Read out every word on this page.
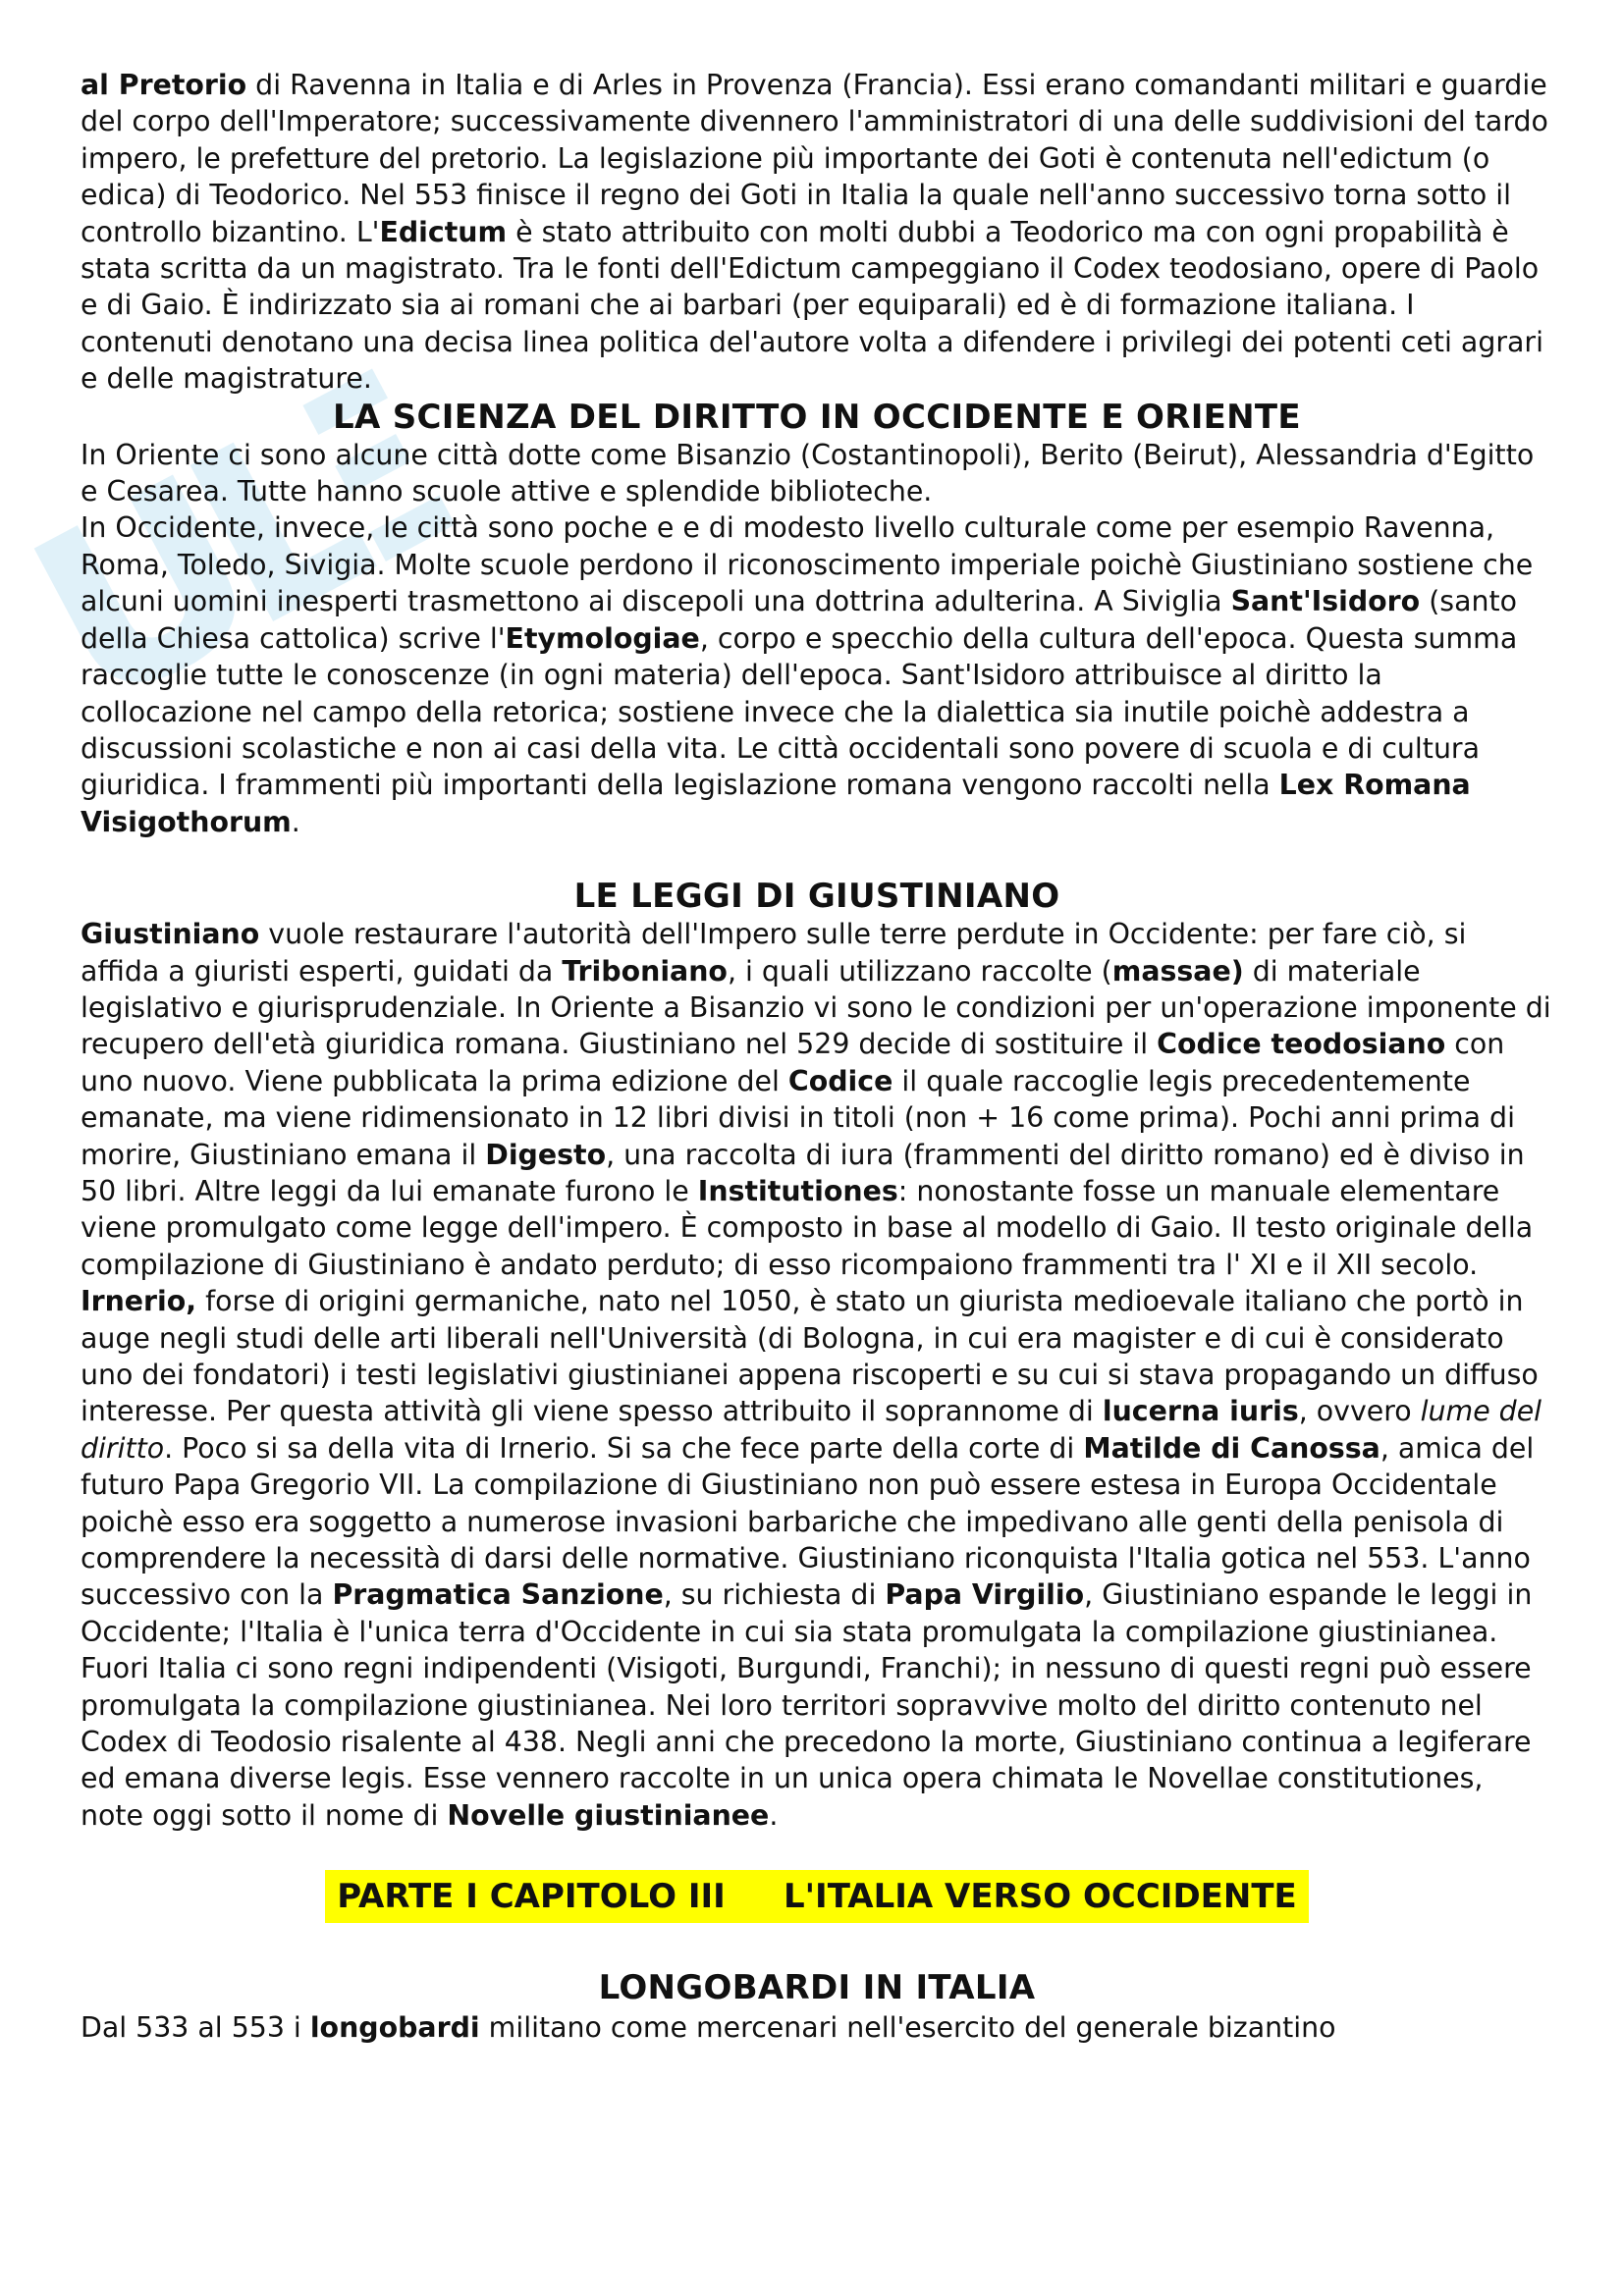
al Pretorio di Ravenna in Italia e di Arles in Provenza (Francia). Essi erano comandanti militari e guardie del corpo dell'Imperatore; successivamente divennero l'amministratori di una delle suddivisioni del tardo impero, le prefetture del pretorio. La legislazione più importante dei Goti è contenuta nell'edictum (o edica) di Teodorico. Nel 553 finisce il regno dei Goti in Italia la quale nell'anno successivo torna sotto il controllo bizantino. L'Edictum è stato attribuito con molti dubbi a Teodorico ma con ogni propabilità è stata scritta da un magistrato. Tra le fonti dell'Edictum campeggiano il Codex teodosiano, opere di Paolo e di Gaio. È indirizzato sia ai romani che ai barbari (per equiparali) ed è di formazione italiana. I contenuti denotano una decisa linea politica del'autore volta a difendere i privilegi dei potenti ceti agrari e delle magistrature.

LA SCIENZA DEL DIRITTO IN OCCIDENTE E ORIENTE

In Oriente ci sono alcune città dotte come Bisanzio (Costantinopoli), Berito (Beirut), Alessandria d'Egitto e Cesarea. Tutte hanno scuole attive e splendide biblioteche.

In Occidente, invece, le città sono poche e e di modesto livello culturale come per esempio Ravenna, Roma, Toledo, Sivigia. Molte scuole perdono il riconoscimento imperiale poichè Giustiniano sostiene che alcuni uomini inesperti trasmettono ai discepoli una dottrina adulterina. A Siviglia Sant'Isidoro (santo della Chiesa cattolica) scrive l'Etymologiae, corpo e specchio della cultura dell'epoca. Questa summa raccoglie tutte le conoscenze (in ogni materia) dell'epoca. Sant'Isidoro attribuisce al diritto la collocazione nel campo della retorica; sostiene invece che la dialettica sia inutile poichè addestra a discussioni scolastiche e non ai casi della vita. Le città occidentali sono povere di scuola e di cultura giuridica. I frammenti più importanti della legislazione romana vengono raccolti nella Lex Romana Visigothorum.

LE LEGGI DI GIUSTINIANO

Giustiniano vuole restaurare l'autorità dell'Impero sulle terre perdute in Occidente: per fare ciò, si affida a giuristi esperti, guidati da Triboniano, i quali utilizzano raccolte (massae) di materiale legislativo e giurisprudenziale. In Oriente a Bisanzio vi sono le condizioni per un'operazione imponente di recupero dell'età giuridica romana. Giustiniano nel 529 decide di sostituire il Codice teodosiano con uno nuovo. Viene pubblicata la prima edizione del Codice il quale raccoglie legis precedentemente emanate, ma viene ridimensionato in 12 libri divisi in titoli (non + 16 come prima). Pochi anni prima di morire, Giustiniano emana il Digesto, una raccolta di iura (frammenti del diritto romano) ed è diviso in 50 libri. Altre leggi da lui emanate furono le Institutiones: nonostante fosse un manuale elementare viene promulgato come legge dell'impero. È composto in base al modello di Gaio. Il testo originale della compilazione di Giustiniano è andato perduto; di esso ricompaiono frammenti tra l' XI e il XII secolo. Irnerio, forse di origini germaniche, nato nel 1050, è stato un giurista medioevale italiano che portò in auge negli studi delle arti liberali nell'Università (di Bologna, in cui era magister e di cui è considerato uno dei fondatori) i testi legislativi giustinianei appena riscoperti e su cui si stava propagando un diffuso interesse. Per questa attività gli viene spesso attribuito il soprannome di lucerna iuris, ovvero lume del diritto. Poco si sa della vita di Irnerio. Si sa che fece parte della corte di Matilde di Canossa, amica del futuro Papa Gregorio VII. La compilazione di Giustiniano non può essere estesa in Europa Occidentale poichè esso era soggetto a numerose invasioni barbariche che impedivano alle genti della penisola di comprendere la necessità di darsi delle normative. Giustiniano riconquista l'Italia gotica nel 553. L'anno successivo con la Pragmatica Sanzione, su richiesta di Papa Virgilio, Giustiniano espande le leggi in Occidente; l'Italia è l'unica terra d'Occidente in cui sia stata promulgata la compilazione giustinianea. Fuori Italia ci sono regni indipendenti (Visigoti, Burgundi, Franchi); in nessuno di questi regni può essere promulgata la compilazione giustinianea. Nei loro territori sopravvive molto del diritto contenuto nel Codex di Teodosio risalente al 438. Negli anni che precedono la morte, Giustiniano continua a legiferare ed emana diverse legis. Esse vennero raccolte in un unica opera chimata le Novellae constitutiones, note oggi sotto il nome di Novelle giustinianee.

PARTE I CAPITOLO III     L'ITALIA VERSO OCCIDENTE
LONGOBARDI IN ITALIA

Dal 533 al 553 i longobardi militano come mercenari nell'esercito del generale bizantino
